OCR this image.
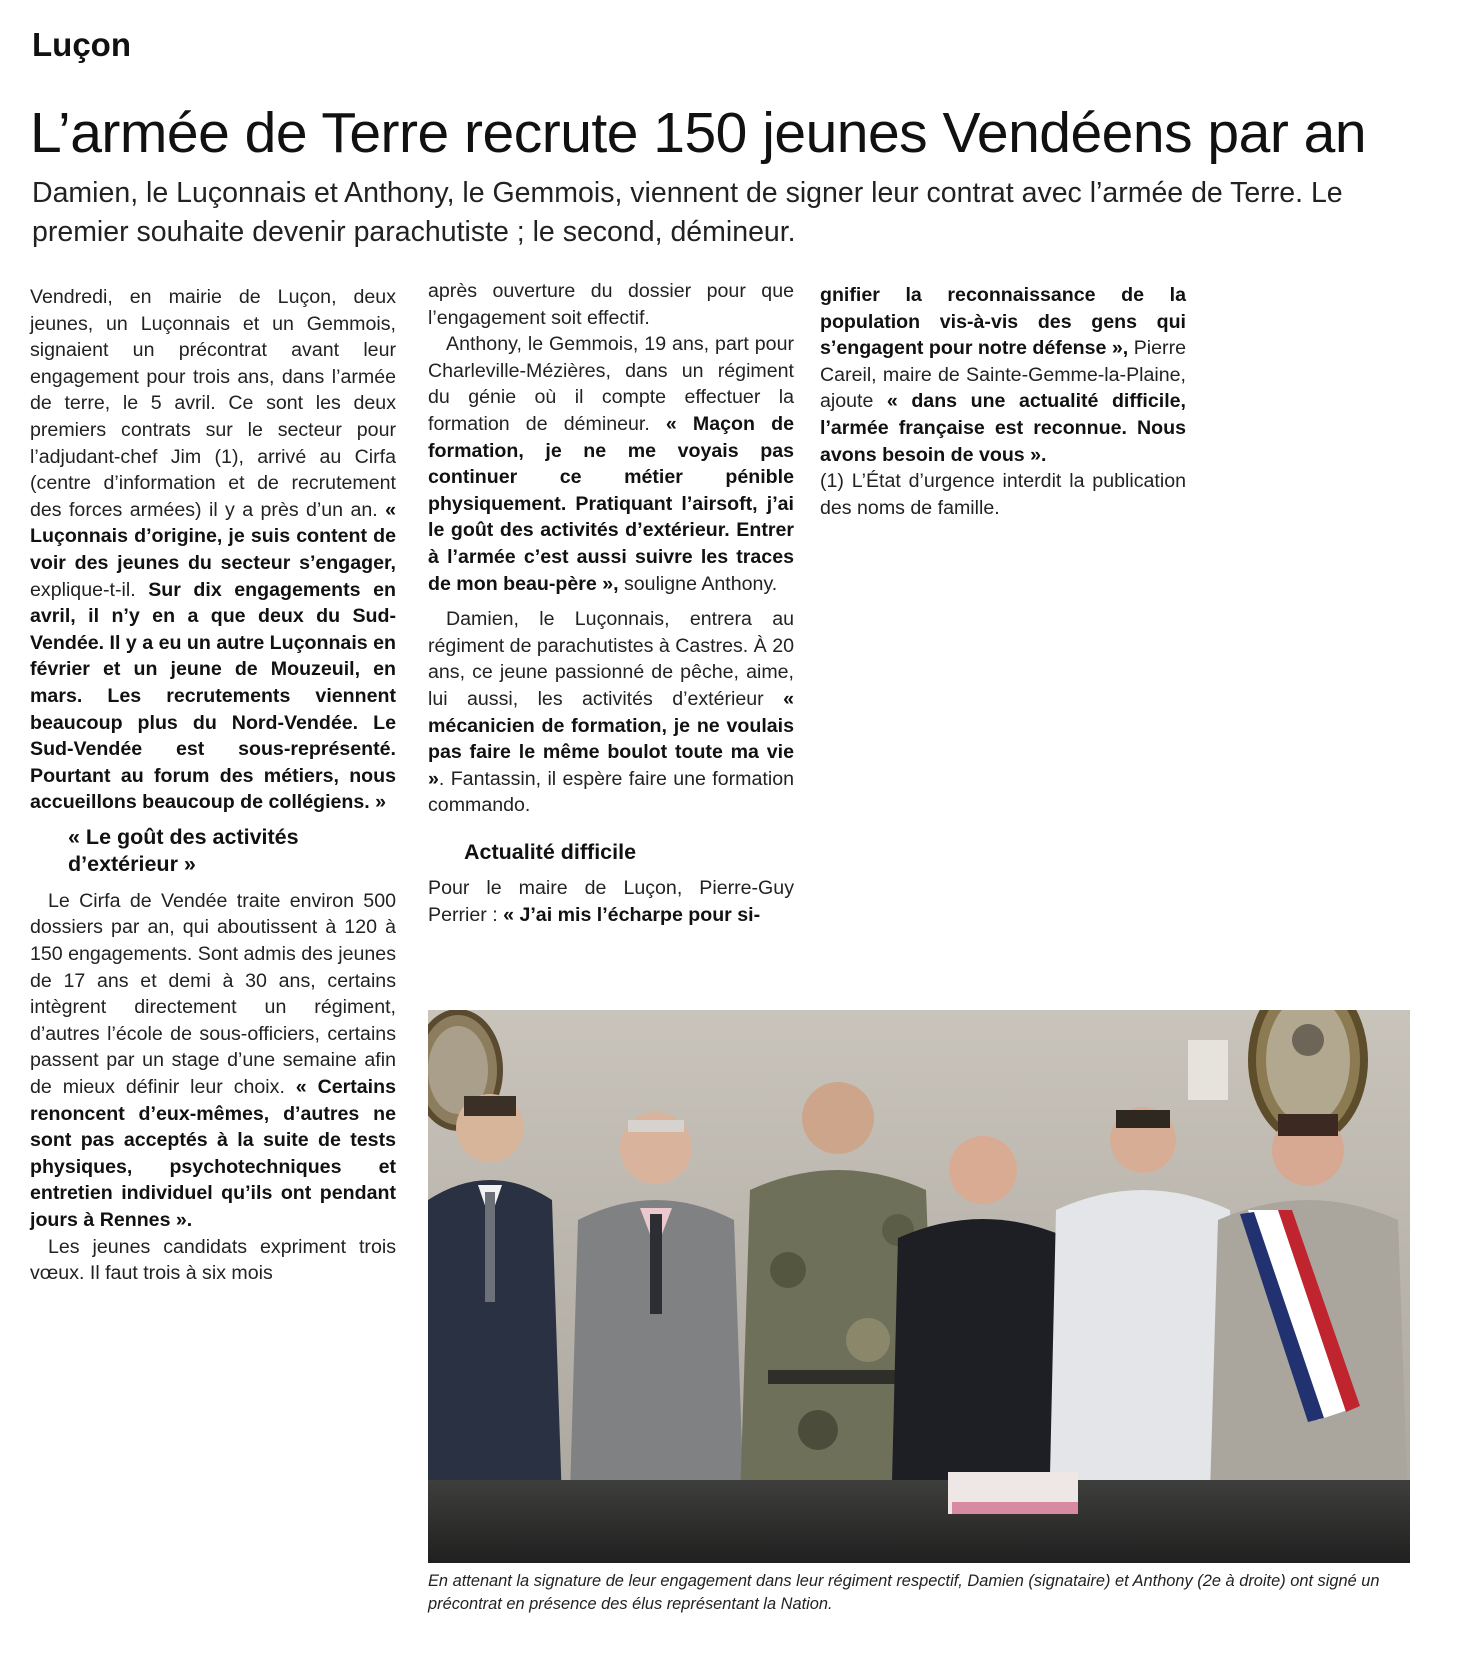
Luçon
L’armée de Terre recrute 150 jeunes Vendéens par an
Damien, le Luçonnais et Anthony, le Gemmois, viennent de signer leur contrat avec l’armée de Terre. Le premier souhaite devenir parachutiste ; le second, démineur.

Vendredi, en mairie de Luçon, deux jeunes, un Luçonnais et un Gemmois, signaient un précontrat avant leur engagement pour trois ans, dans l’armée de terre, le 5 avril. Ce sont les deux premiers contrats sur le secteur pour l’adjudant-chef Jim (1), arrivé au Cirfa (centre d’information et de recrutement des forces armées) il y a près d’un an. « Luçonnais d’origine, je suis content de voir des jeunes du secteur s’engager, explique-t-il. Sur dix engagements en avril, il n’y en a que deux du Sud-Vendée. Il y a eu un autre Luçonnais en février et un jeune de Mouzeuil, en mars. Les recrutements viennent beaucoup plus du Nord-Vendée. Le Sud-Vendée est sous-représenté. Pourtant au forum des métiers, nous accueillons beaucoup de collégiens. »

« Le goût des activités d’extérieur »

Le Cirfa de Vendée traite environ 500 dossiers par an, qui aboutissent à 120 à 150 engagements. Sont admis des jeunes de 17 ans et demi à 30 ans, certains intègrent directement un régiment, d’autres l’école de sous-officiers, certains passent par un stage d’une semaine afin de mieux définir leur choix. « Certains renoncent d’eux-mêmes, d’autres ne sont pas acceptés à la suite de tests physiques, psychotechniques et entretien individuel qu’ils ont pendant jours à Rennes ».

Les jeunes candidats expriment trois vœux. Il faut trois à six mois

après ouverture du dossier pour que l’engagement soit effectif.

Anthony, le Gemmois, 19 ans, part pour Charleville-Mézières, dans un régiment du génie où il compte effectuer la formation de démineur. « Maçon de formation, je ne me voyais pas continuer ce métier pénible physiquement. Pratiquant l’airsoft, j’ai le goût des activités d’extérieur. Entrer à l’armée c’est aussi suivre les traces de mon beau-père », souligne Anthony.

Damien, le Luçonnais, entrera au régiment de parachutistes à Castres. À 20 ans, ce jeune passionné de pêche, aime, lui aussi, les activités d’extérieur « mécanicien de formation, je ne voulais pas faire le même boulot toute ma vie ». Fantassin, il espère faire une formation commando.

Actualité difficile

Pour le maire de Luçon, Pierre-Guy Perrier : « J’ai mis l’écharpe pour si-

gnifier la reconnaissance de la population vis-à-vis des gens qui s’engagent pour notre défense », Pierre Careil, maire de Sainte-Gemme-la-Plaine, ajoute « dans une actualité difficile, l’armée française est reconnue. Nous avons besoin de vous ».

(1) L’État d’urgence interdit la publication des noms de famille.

En attenant la signature de leur engagement dans leur régiment respectif, Damien (signataire) et Anthony (2e à droite) ont signé un précontrat en présence des élus représentant la Nation.
